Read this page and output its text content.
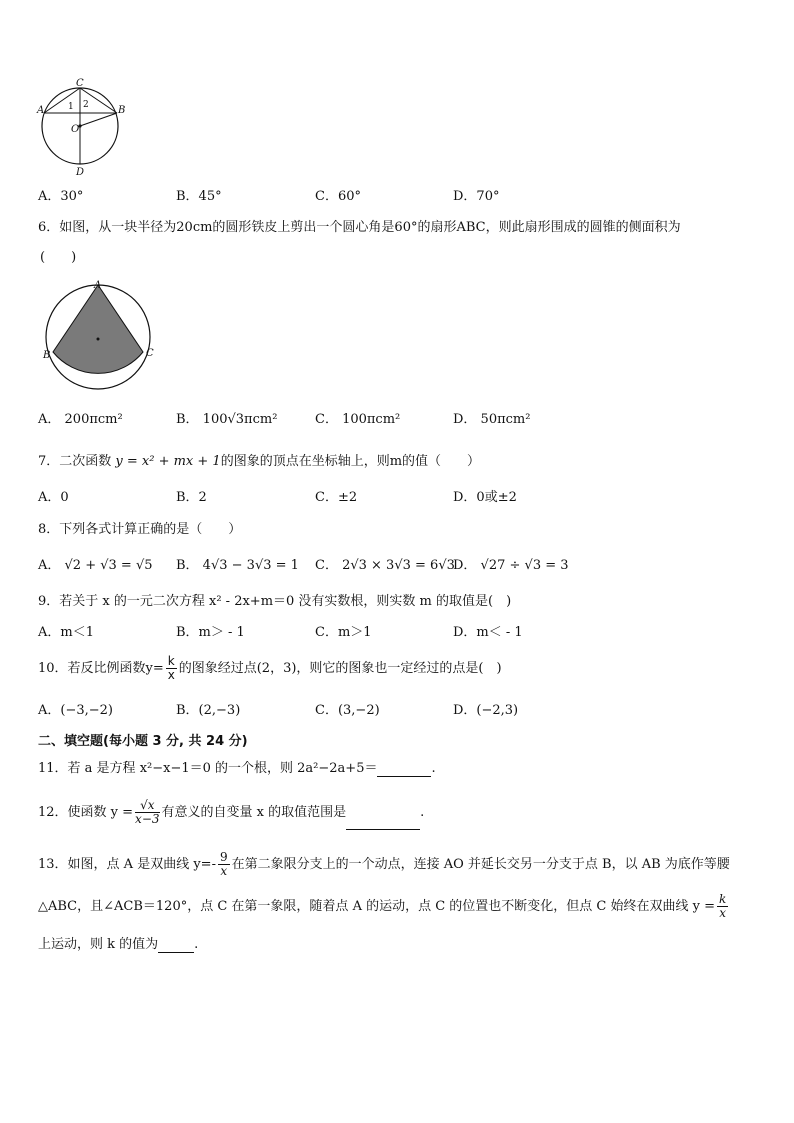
C
A	B
O
D
1 2
A．30°	B．45°	C．60°	D．70°
6．如图，从一块半径为20cm的圆形铁皮上剪出一个圆心角是60°的扇形ABC，则此扇形围成的圆锥的侧面积为
(　　)
A
B	C
A． 200πcm²	B． 100√3πcm²	C． 100πcm²	D． 50πcm²
7．二次函数 y = x² + mx + 1的图象的顶点在坐标轴上，则m的值（　　）
A．0	B．2	C．±2	D．0或±2
8．下列各式计算正确的是（　　）
A． √2 + √3 = √5 B． 4√3 − 3√3 = 1 C． 2√3 × 3√3 = 6√3
D． √27 ÷ √3 = 3
9．若关于 x 的一元二次方程 x² - 2x+m＝0 没有实数根，则实数 m 的取值是(　)
A．m＜1	B．m＞ - 1	C．m＞1	D．m＜ - 1
10．若反比例函数$y= \frac{k}{x}$ 的图象经过点(2，3)，则它的图象也一定经过的点是(　)
A．(−3,−2)	B．(2,−3)	C．(3,−2)	D．(−2,3)
二、填空题(每小题 3 分, 共 24 分)
11．若 a 是方程 x²−x−1＝0 的一个根，则 2a²−2a+5＝	.
12．使函数 $y = \frac{√x}{x-3}$ 有意义的自变量 x 的取值范围是	.
13．如图，点 A 是双曲线 $y=- \frac{9}{x}$ 在第二象限分支上的一个动点，连接 AO 并延长交另一分支于点 B，以 AB 为底作等腰
△ABC，且∠ACB＝120°，点 C 在第一象限，随着点 A 的运动，点 C 的位置也不断变化，但点 C 始终在双曲线 $y = \frac{k}{x}$
上运动，则 k 的值为	.
